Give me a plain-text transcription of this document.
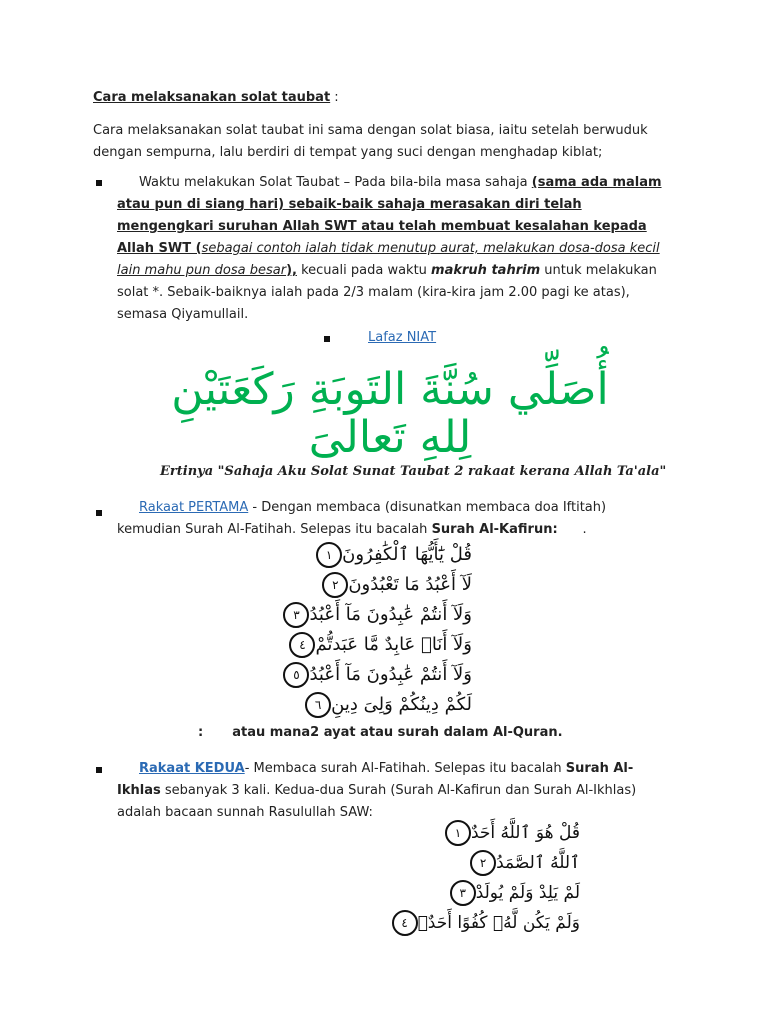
Cara melaksanakan solat taubat :
Cara melaksanakan solat taubat ini sama dengan solat biasa, iaitu setelah berwuduk dengan sempurna, lalu berdiri di tempat yang suci dengan menghadap kiblat;
Waktu melakukan Solat Taubat – Pada bila-bila masa sahaja (sama ada malam atau pun di siang hari) sebaik-baik sahaja merasakan diri telah mengengkari suruhan Allah SWT atau telah membuat kesalahan kepada Allah SWT (sebagai contoh ialah tidak menutup aurat, melakukan dosa-dosa kecil lain mahu pun dosa besar), kecuali pada waktu makruh tahrim untuk melakukan solat *. Sebaik-baiknya ialah pada 2/3 malam (kira-kira jam 2.00 pagi ke atas), semasa Qiyamullail.
Lafaz NIAT
أُصَلِّي سُنَّةَ التَوبَةِ رَكَعَتَيْنِ
لِلهِ تَعالىَ
Ertinya "Sahaja Aku Solat Sunat Taubat 2 rakaat kerana Allah Ta'ala"
Rakaat PERTAMA - Dengan membaca (disunatkan membaca doa Iftitah) kemudian Surah Al-Fatihah. Selepas itu bacalah Surah Al-Kafirun:      .
قُلْ يَٰٓأَيُّهَا ٱلْكَٰفِرُونَ١
لَآ أَعْبُدُ مَا تَعْبُدُونَ٢
وَلَآ أَنتُمْ عَٰبِدُونَ مَآ أَعْبُدُ٣
وَلَآ أَنَا۠ عَابِدٌ مَّا عَبَدتُّمْ٤
وَلَآ أَنتُمْ عَٰبِدُونَ مَآ أَعْبُدُ٥
لَكُمْ دِينُكُمْ وَلِىَ دِينِ٦
: atau mana2 ayat atau surah dalam Al-Quran.
Rakaat KEDUA- Membaca surah Al-Fatihah. Selepas itu bacalah Surah Al-Ikhlas sebanyak 3 kali. Kedua-dua Surah (Surah Al-Kafirun dan Surah Al-Ikhlas) adalah bacaan sunnah Rasulullah SAW:
قُلْ هُوَ ٱللَّهُ أَحَدٌ١
ٱللَّهُ ٱلصَّمَدُ٢
لَمْ يَلِدْ وَلَمْ يُولَدْ٣
وَلَمْ يَكُن لَّهُۥ كُفُوًا أَحَدٌۢ٤
